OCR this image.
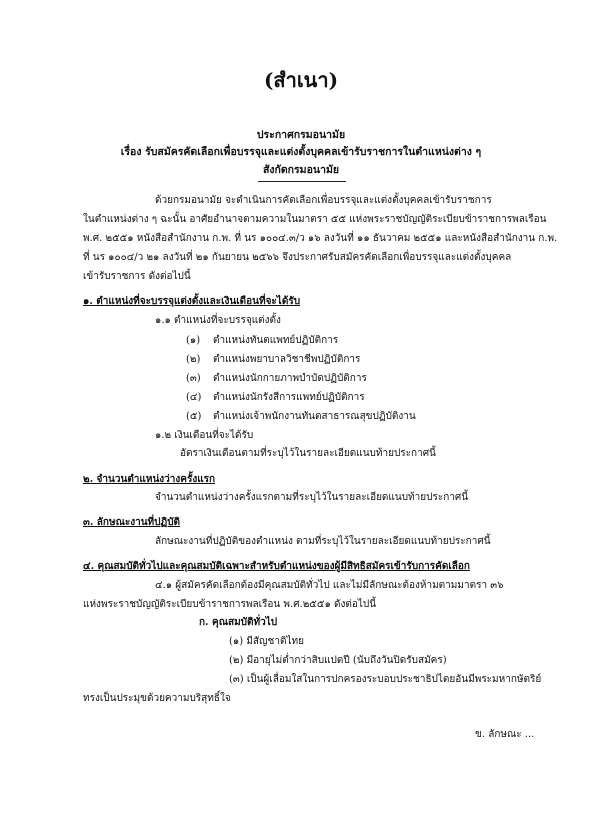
(สำเนา)
ประกาศกรมอนามัย
เรื่อง รับสมัครคัดเลือกเพื่อบรรจุและแต่งตั้งบุคคลเข้ารับราชการในตำแหน่งต่าง ๆ
สังกัดกรมอนามัย
ด้วยกรมอนามัย จะดำเนินการคัดเลือกเพื่อบรรจุและแต่งตั้งบุคคลเข้ารับราชการ
ในตำแหน่งต่าง ๆ ฉะนั้น อาศัยอำนาจตามความในมาตรา ๕๕ แห่งพระราชบัญญัติระเบียบข้าราชการพลเรือน
พ.ศ. ๒๕๕๑ หนังสือสำนักงาน ก.พ. ที่ นร ๑๐๐๔.๓/ว ๑๖ ลงวันที่ ๑๑ ธันวาคม ๒๕๕๑ และหนังสือสำนักงาน ก.พ.
ที่ นร ๑๐๐๔/ว ๒๑ ลงวันที่ ๒๑ กันยายน ๒๕๖๖ จึงประกาศรับสมัครคัดเลือกเพื่อบรรจุและแต่งตั้งบุคคล
เข้ารับราชการ ดังต่อไปนี้
๑. ตำแหน่งที่จะบรรจุแต่งตั้งและเงินเดือนที่จะได้รับ
๑.๑ ตำแหน่งที่จะบรรจุแต่งตั้ง
(๑) ตำแหน่งทันตแพทย์ปฏิบัติการ
(๒) ตำแหน่งพยาบาลวิชาชีพปฏิบัติการ
(๓) ตำแหน่งนักกายภาพบำบัดปฏิบัติการ
(๔) ตำแหน่งนักรังสีการแพทย์ปฏิบัติการ
(๕) ตำแหน่งเจ้าพนักงานทันตสาธารณสุขปฏิบัติงาน
๑.๒ เงินเดือนที่จะได้รับ
อัตราเงินเดือนตามที่ระบุไว้ในรายละเอียดแนบท้ายประกาศนี้
๒. จำนวนตำแหน่งว่างครั้งแรก
จำนวนตำแหน่งว่างครั้งแรกตามที่ระบุไว้ในรายละเอียดแนบท้ายประกาศนี้
๓. ลักษณะงานที่ปฏิบัติ
ลักษณะงานที่ปฏิบัติของตำแหน่ง ตามที่ระบุไว้ในรายละเอียดแนบท้ายประกาศนี้
๔. คุณสมบัติทั่วไปและคุณสมบัติเฉพาะสำหรับตำแหน่งของผู้มีสิทธิสมัครเข้ารับการคัดเลือก
๔.๑ ผู้สมัครคัดเลือกต้องมีคุณสมบัติทั่วไป และไม่มีลักษณะต้องห้ามตามมาตรา ๓๖
แห่งพระราชบัญญัติระเบียบข้าราชการพลเรือน พ.ศ.๒๕๕๑ ดังต่อไปนี้
ก. คุณสมบัติทั่วไป
(๑) มีสัญชาติไทย
(๒) มีอายุไม่ต่ำกว่าสิบแปดปี (นับถึงวันปิดรับสมัคร)
(๓) เป็นผู้เลื่อมใสในการปกครองระบอบประชาธิปไตยอันมีพระมหากษัตริย์
ทรงเป็นประมุขด้วยความบริสุทธิ์ใจ
ข. ลักษณะ ...
